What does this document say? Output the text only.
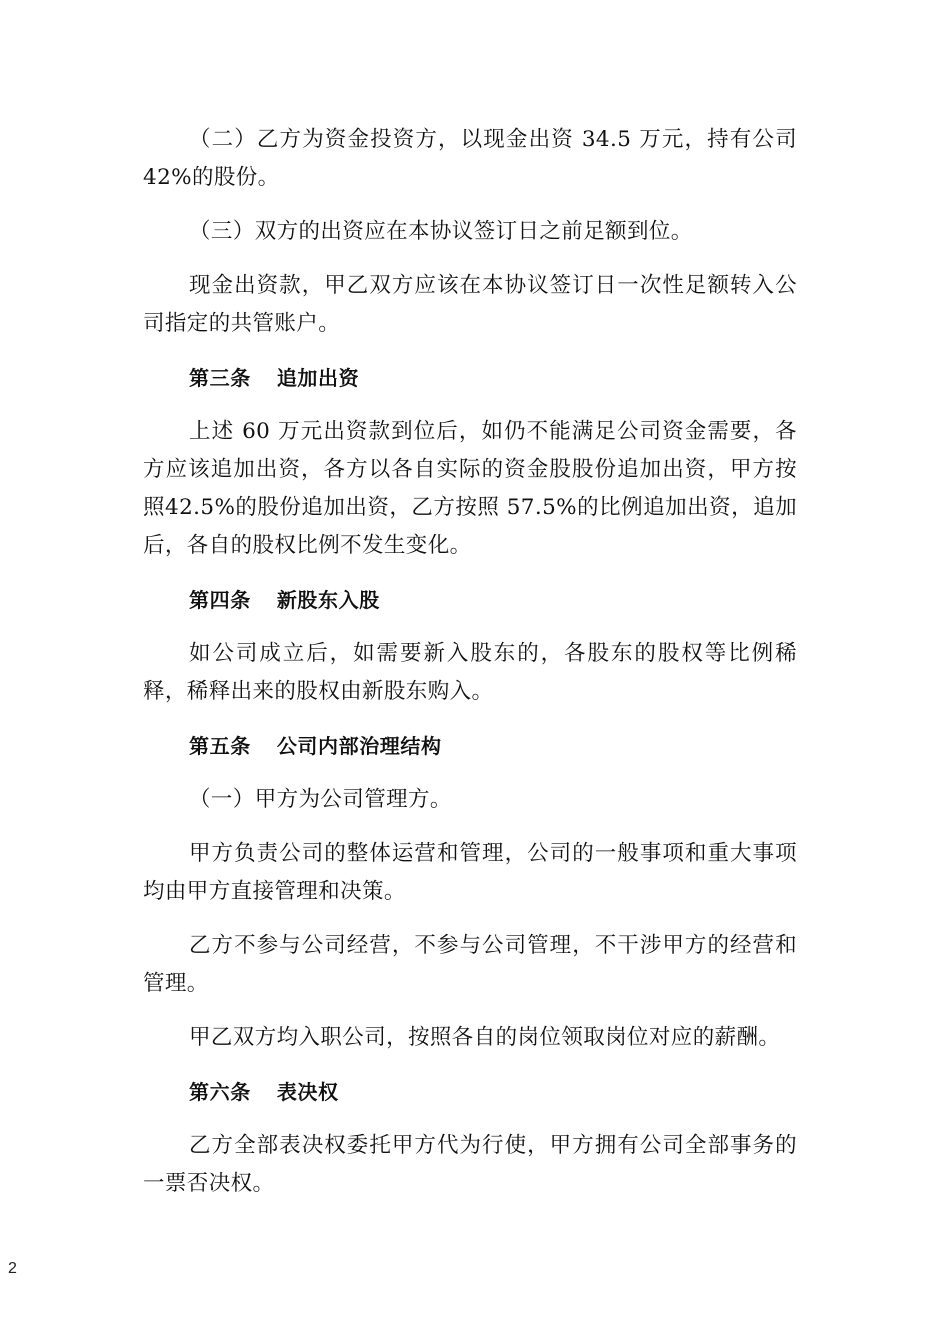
（二）乙方为资金投资方，以现金出资 34.5 万元，持有公司 42%的股份。

（三）双方的出资应在本协议签订日之前足额到位。

现金出资款，甲乙双方应该在本协议签订日一次性足额转入公司指定的共管账户。

第三条 追加出资

上述 60 万元出资款到位后，如仍不能满足公司资金需要，各方应该追加出资，各方以各自实际的资金股股份追加出资，甲方按照42.5%的股份追加出资，乙方按照 57.5%的比例追加出资，追加后，各自的股权比例不发生变化。

第四条 新股东入股

如公司成立后，如需要新入股东的，各股东的股权等比例稀释，稀释出来的股权由新股东购入。

第五条 公司内部治理结构

（一）甲方为公司管理方。

甲方负责公司的整体运营和管理，公司的一般事项和重大事项均由甲方直接管理和决策。

乙方不参与公司经营，不参与公司管理，不干涉甲方的经营和管理。

甲乙双方均入职公司，按照各自的岗位领取岗位对应的薪酬。

第六条 表决权

乙方全部表决权委托甲方代为行使，甲方拥有公司全部事务的一票否决权。

2
